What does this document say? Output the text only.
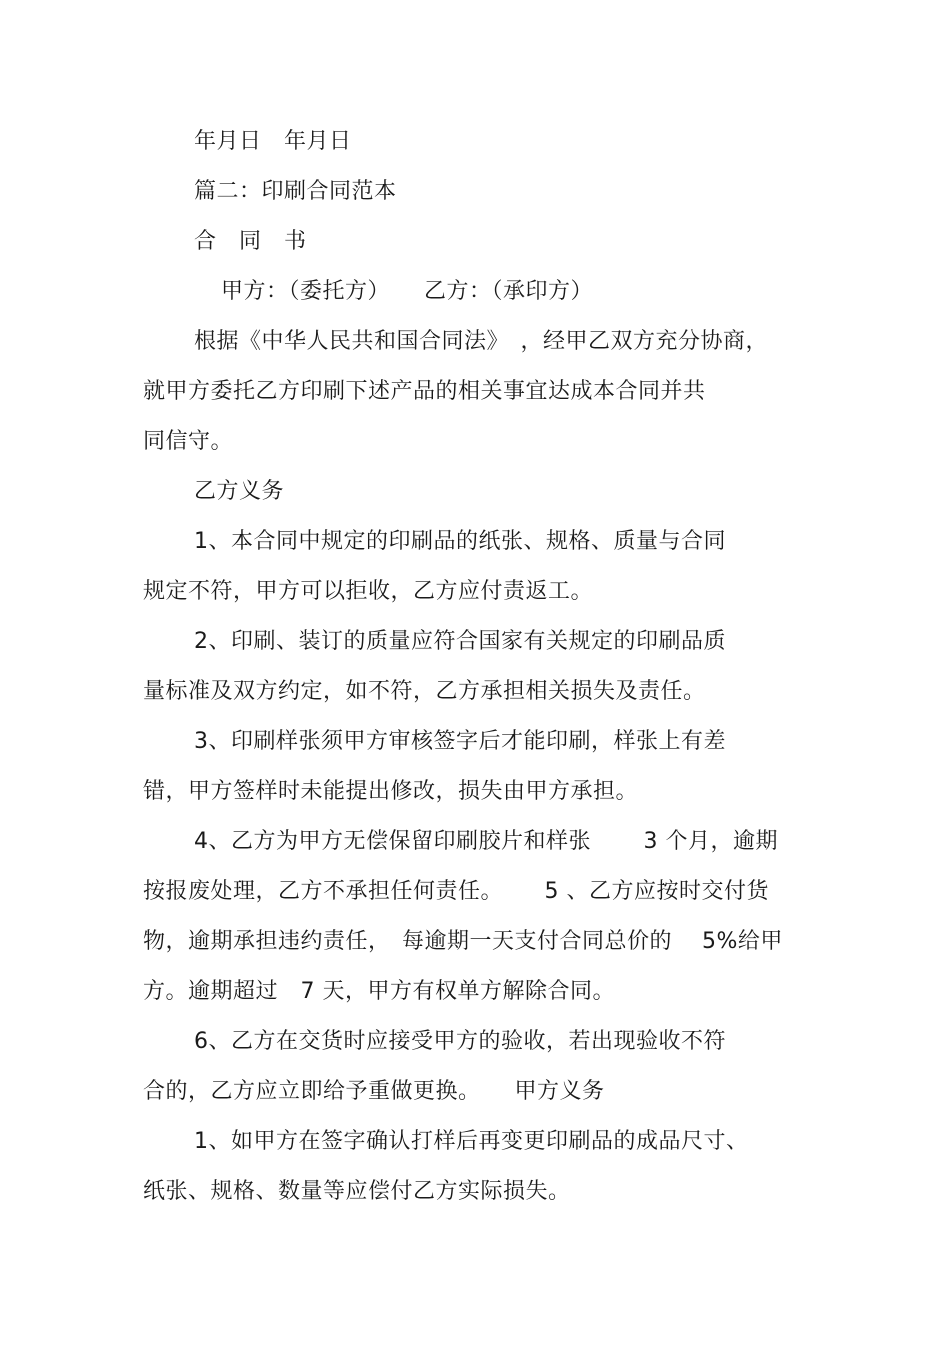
年月日　年月日
篇二：印刷合同范本
合　同　书
甲方：（委托方）　　乙方：（承印方）
根据《中华人民共和国合同法》　，经甲乙双方充分协商，
就甲方委托乙方印刷下述产品的相关事宜达成本合同并共
同信守。
乙方义务
1、本合同中规定的印刷品的纸张、规格、质量与合同
规定不符，甲方可以拒收，乙方应付责返工。
2、印刷、装订的质量应符合国家有关规定的印刷品质
量标准及双方约定，如不符，乙方承担相关损失及责任。
3、印刷样张须甲方审核签字后才能印刷，样张上有差
错，甲方签样时未能提出修改，损失由甲方承担。
4、乙方为甲方无偿保留印刷胶片和样张　　 3 个月，逾期
按报废处理，乙方不承担任何责任。　　 5 、乙方应按时交付货
物，逾期承担违约责任，　每逾期一天支付合同总价的　 5%给甲
方。逾期超过　7 天，甲方有权单方解除合同。
6、乙方在交货时应接受甲方的验收，若出现验收不符
合的，乙方应立即给予重做更换。　　甲方义务
1、如甲方在签字确认打样后再变更印刷品的成品尺寸、
纸张、规格、数量等应偿付乙方实际损失。
